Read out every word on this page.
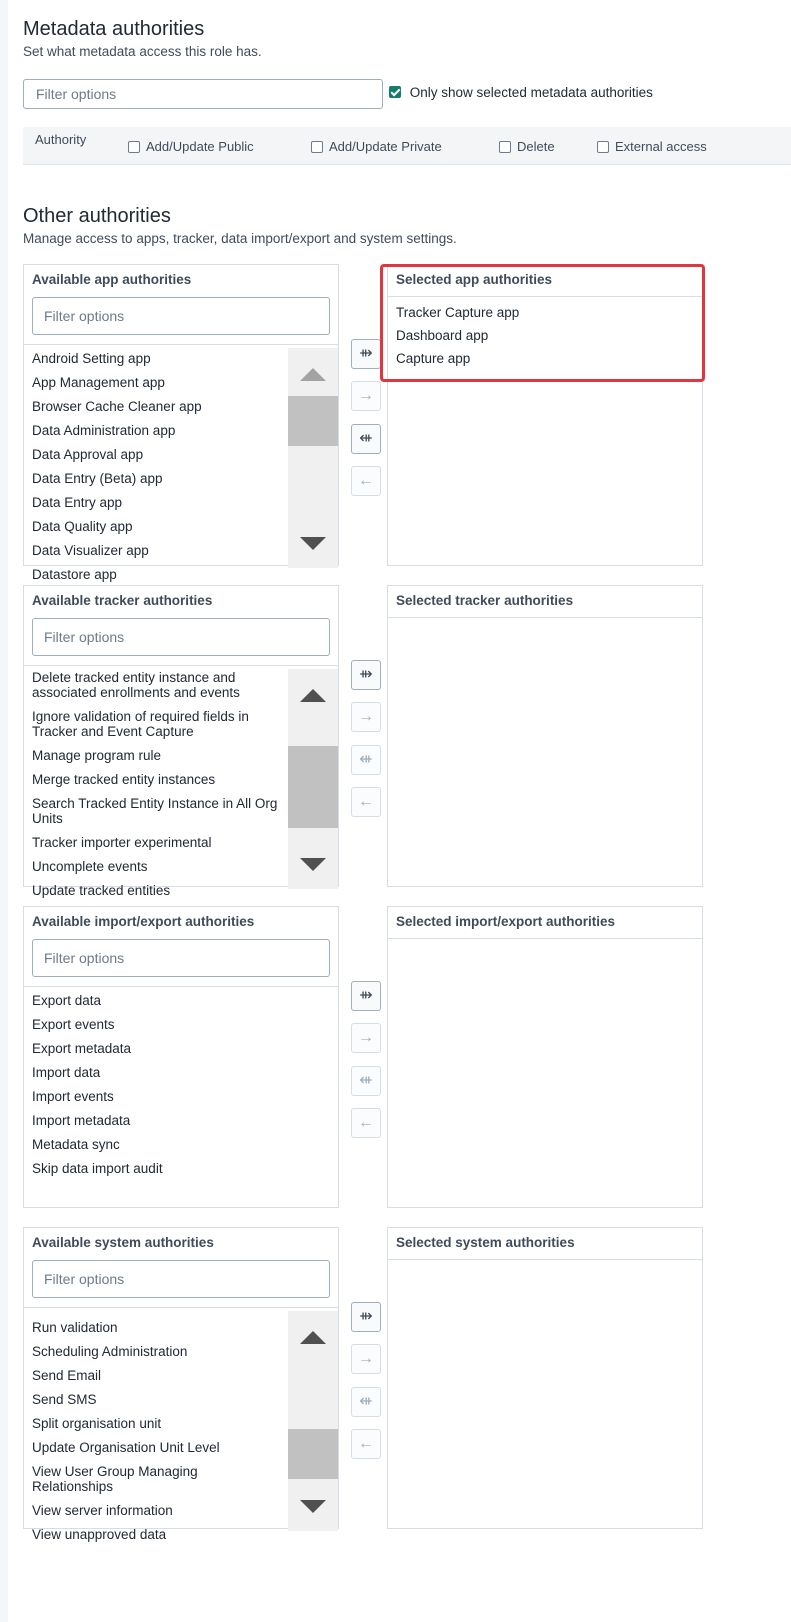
Metadata authorities
Set what metadata access this role has.
Filter options
Only show selected metadata authorities
Authority	Add/Update Public	Add/Update Private	Delete	External access
Other authorities
Manage access to apps, tracker, data import/export and system settings.
Available app authorities
Filter options
Android Setting app
App Management app
Browser Cache Cleaner app
Data Administration app
Data Approval app
Data Entry (Beta) app
Data Entry app
Data Quality app
Data Visualizer app
Datastore app
⇻
→
⇺
←
Selected app authorities
Tracker Capture app
Dashboard app
Capture app
Available tracker authorities
Filter options
Delete tracked entity instance and associated enrollments and events
Ignore validation of required fields in Tracker and Event Capture
Manage program rule
Merge tracked entity instances
Search Tracked Entity Instance in All Org Units
Tracker importer experimental
Uncomplete events
Update tracked entities
⇻
→
⇺
←
Selected tracker authorities
Available import/export authorities
Filter options
Export data
Export events
Export metadata
Import data
Import events
Import metadata
Metadata sync
Skip data import audit
⇻
→
⇺
←
Selected import/export authorities
Available system authorities
Filter options
Run validation
Scheduling Administration
Send Email
Send SMS
Split organisation unit
Update Organisation Unit Level
View User Group Managing Relationships
View server information
View unapproved data
⇻
→
⇺
←
Selected system authorities
